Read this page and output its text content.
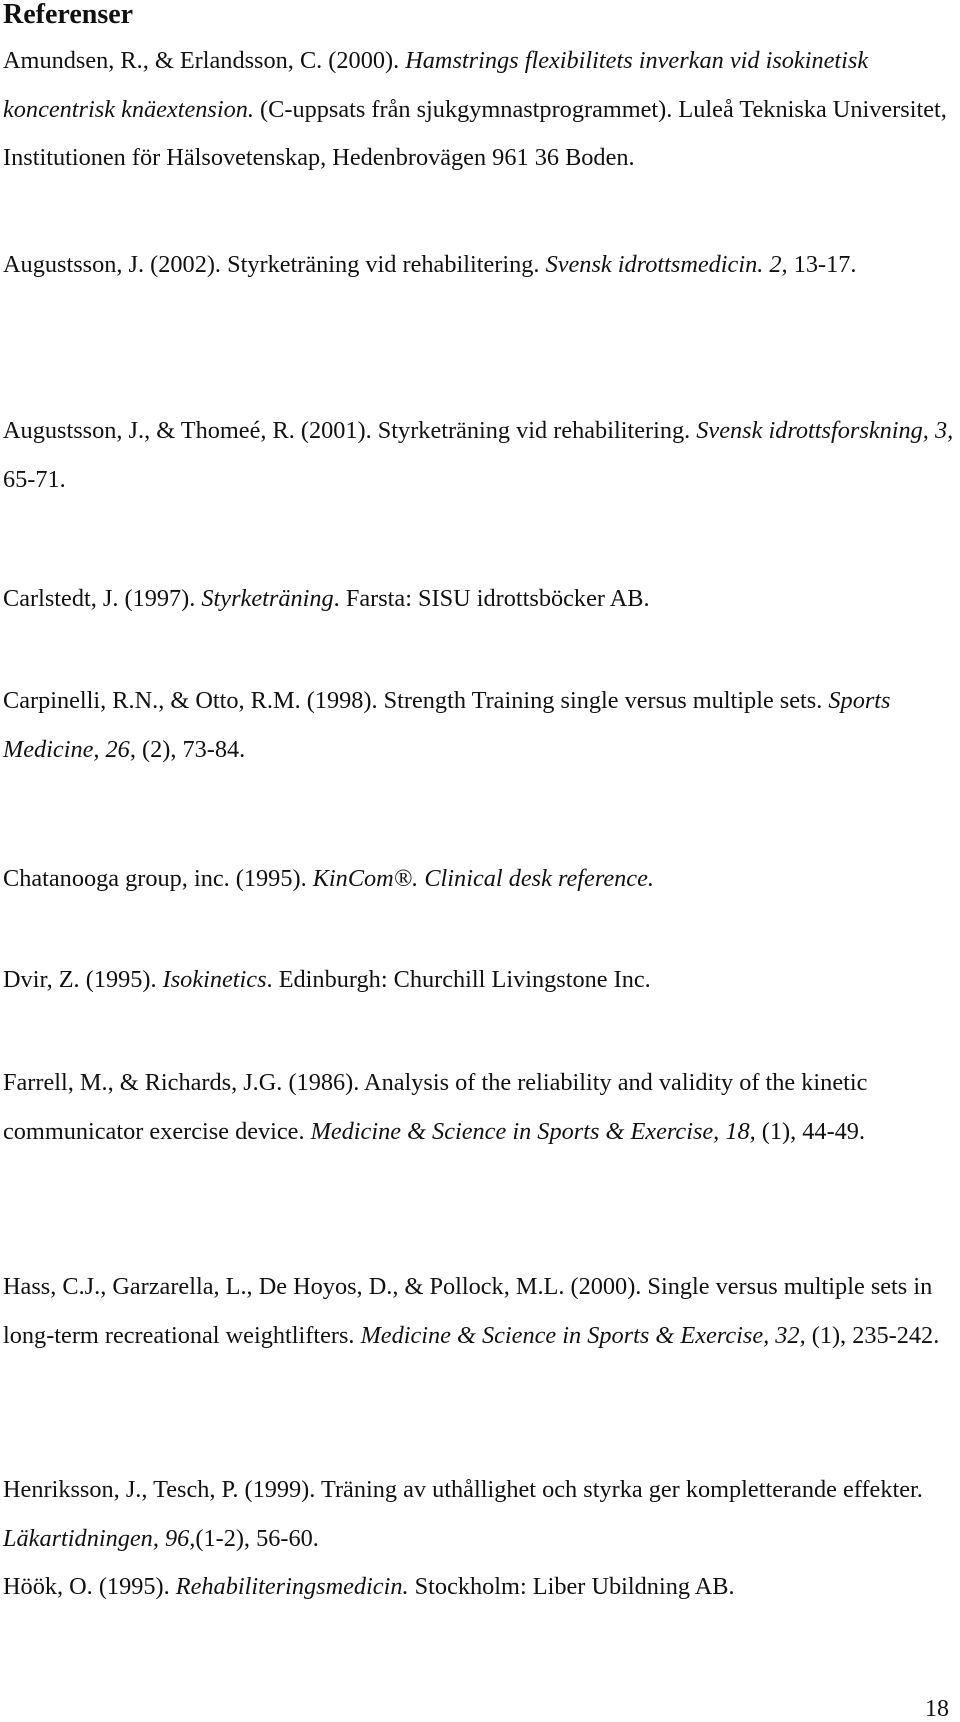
Referenser
Amundsen, R., & Erlandsson, C. (2000). Hamstrings flexibilitets inverkan vid isokinetisk koncentrisk knäextension. (C-uppsats från sjukgymnastprogrammet). Luleå Tekniska Universitet, Institutionen för Hälsovetenskap, Hedenbrovägen 961 36 Boden.
Augustsson, J. (2002). Styrketräning vid rehabilitering. Svensk idrottsmedicin. 2, 13-17.
Augustsson, J., & Thomeé, R. (2001). Styrketräning vid rehabilitering. Svensk idrottsforskning, 3, 65-71.
Carlstedt, J. (1997). Styrketräning. Farsta: SISU idrottsböcker AB.
Carpinelli, R.N., & Otto, R.M. (1998). Strength Training single versus multiple sets. Sports Medicine, 26, (2), 73-84.
Chatanooga group, inc. (1995). KinCom®. Clinical desk reference.
Dvir, Z. (1995). Isokinetics. Edinburgh: Churchill Livingstone Inc.
Farrell, M., & Richards, J.G. (1986). Analysis of the reliability and validity of the kinetic communicator exercise device. Medicine & Science in Sports & Exercise, 18, (1), 44-49.
Hass, C.J., Garzarella, L., De Hoyos, D., & Pollock, M.L. (2000). Single versus multiple sets in long-term recreational weightlifters. Medicine & Science in Sports & Exercise, 32, (1), 235-242.
Henriksson, J., Tesch, P. (1999). Träning av uthållighet och styrka ger kompletterande effekter. Läkartidningen, 96,(1-2), 56-60.
Höök, O. (1995). Rehabiliteringsmedicin. Stockholm: Liber Ubildning AB.
18
